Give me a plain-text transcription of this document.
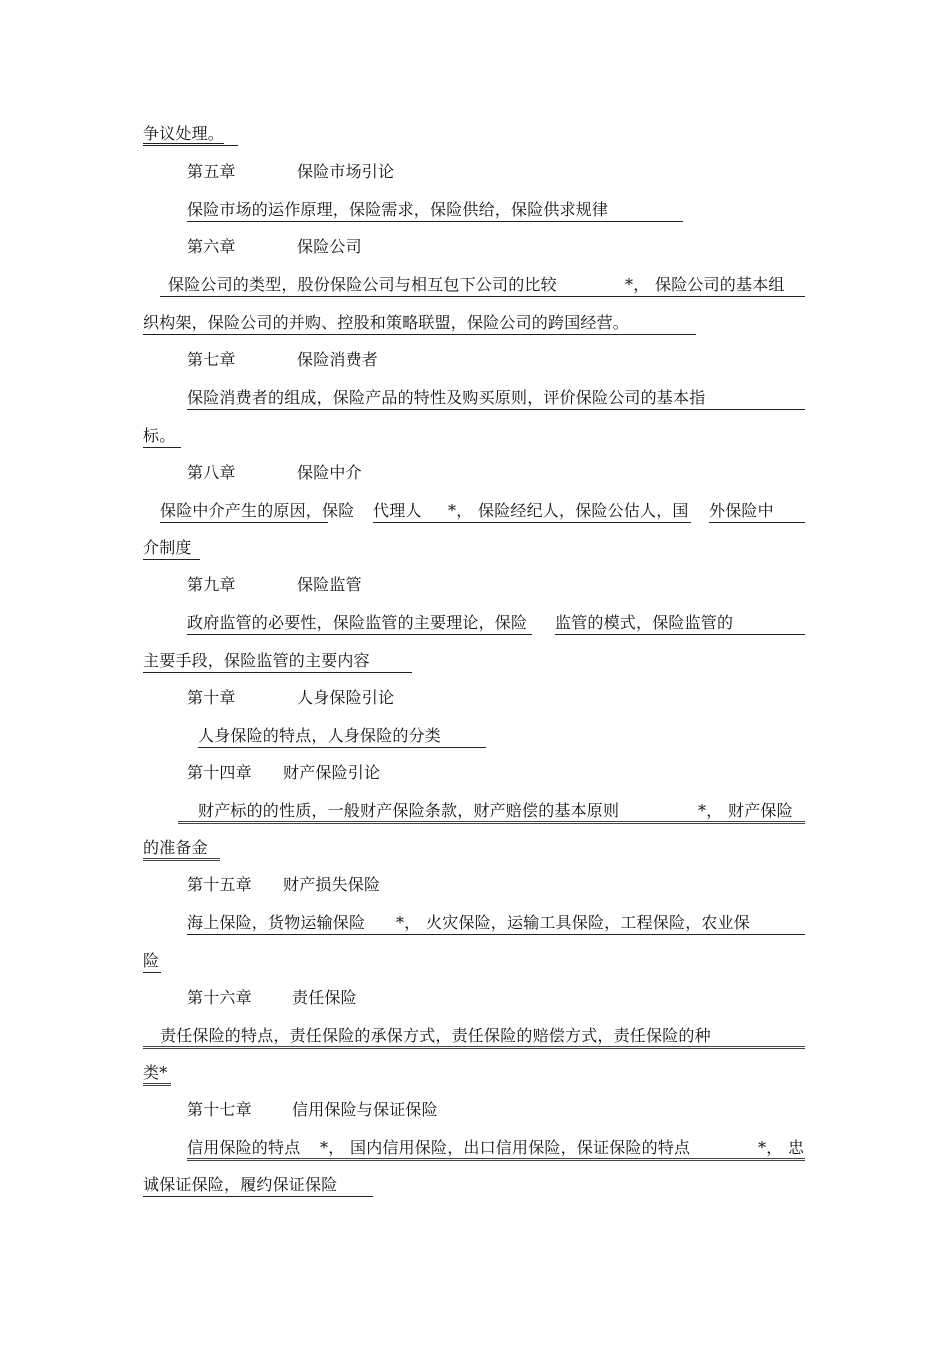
争议处理。
第五章	保险市场引论
保险市场的运作原理，保险需求，保险供给，保险供求规律
第六章	保险公司
保险公司的类型，股份保险公司与相互包下公司的比较	*， 保险公司的基本组
织构架，保险公司的并购、控股和策略联盟，保险公司的跨国经营。
第七章	保险消费者
保险消费者的组成，保险产品的特性及购买原则，评价保险公司的基本指
标。
第八章	保险中介
保险中介产生的原因，保险 代理人 *， 保险经纪人，保险公估人，国 外保险中
介制度
第九章	保险监管
政府监管的必要性，保险监管的主要理论，保险 监管的模式，保险监管的
主要手段，保险监管的主要内容
第十章	人身保险引论
人身保险的特点，人身保险的分类
第十四章 财产保险引论
财产标的的性质，一般财产保险条款，财产赔偿的基本原则	*， 财产保险
的准备金
第十五章 财产损失保险
海上保险，货物运输保险 *， 火灾保险，运输工具保险，工程保险，农业保
险
第十六章	责任保险
责任保险的特点，责任保险的承保方式，责任保险的赔偿方式，责任保险的种
类*
第十七章	信用保险与保证保险
信用保险的特点 *， 国内信用保险，出口信用保险，保证保险的特点	*， 忠
诚保证保险，履约保证保险
